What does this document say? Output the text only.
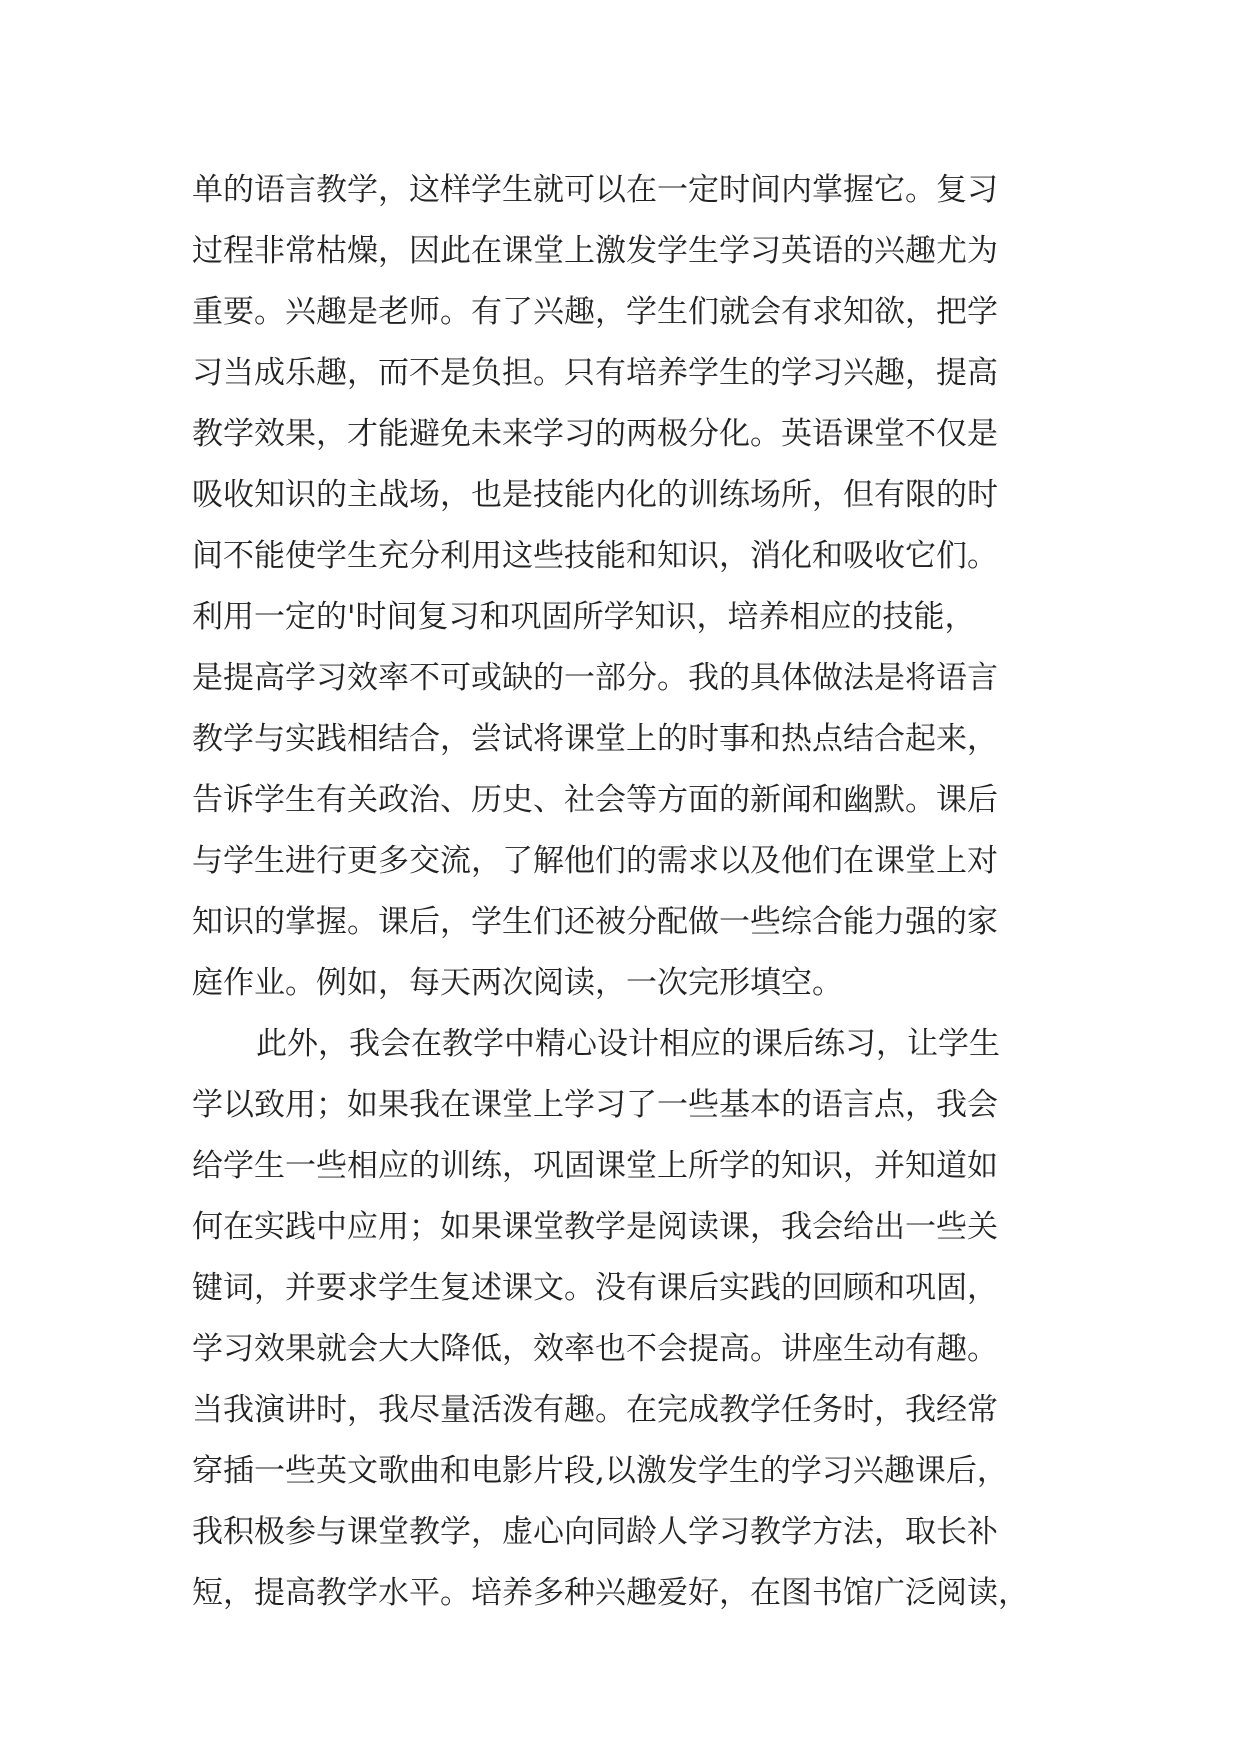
单的语言教学，这样学生就可以在一定时间内掌握它。复习
过程非常枯燥，因此在课堂上激发学生学习英语的兴趣尤为
重要。兴趣是老师。有了兴趣，学生们就会有求知欲，把学
习当成乐趣，而不是负担。只有培养学生的学习兴趣，提高
教学效果，才能避免未来学习的两极分化。英语课堂不仅是
吸收知识的主战场，也是技能内化的训练场所，但有限的时
间不能使学生充分利用这些技能和知识，消化和吸收它们。
利用一定的'时间复习和巩固所学知识，培养相应的技能，
是提高学习效率不可或缺的一部分。我的具体做法是将语言
教学与实践相结合，尝试将课堂上的时事和热点结合起来，
告诉学生有关政治、历史、社会等方面的新闻和幽默。课后
与学生进行更多交流，了解他们的需求以及他们在课堂上对
知识的掌握。课后，学生们还被分配做一些综合能力强的家
庭作业。例如，每天两次阅读，一次完形填空。
此外，我会在教学中精心设计相应的课后练习，让学生
学以致用；如果我在课堂上学习了一些基本的语言点，我会
给学生一些相应的训练，巩固课堂上所学的知识，并知道如
何在实践中应用；如果课堂教学是阅读课，我会给出一些关
键词，并要求学生复述课文。没有课后实践的回顾和巩固，
学习效果就会大大降低，效率也不会提高。讲座生动有趣。
当我演讲时，我尽量活泼有趣。在完成教学任务时，我经常
穿插一些英文歌曲和电影片段,以激发学生的学习兴趣课后，
我积极参与课堂教学，虚心向同龄人学习教学方法，取长补
短，提高教学水平。培养多种兴趣爱好，在图书馆广泛阅读，
